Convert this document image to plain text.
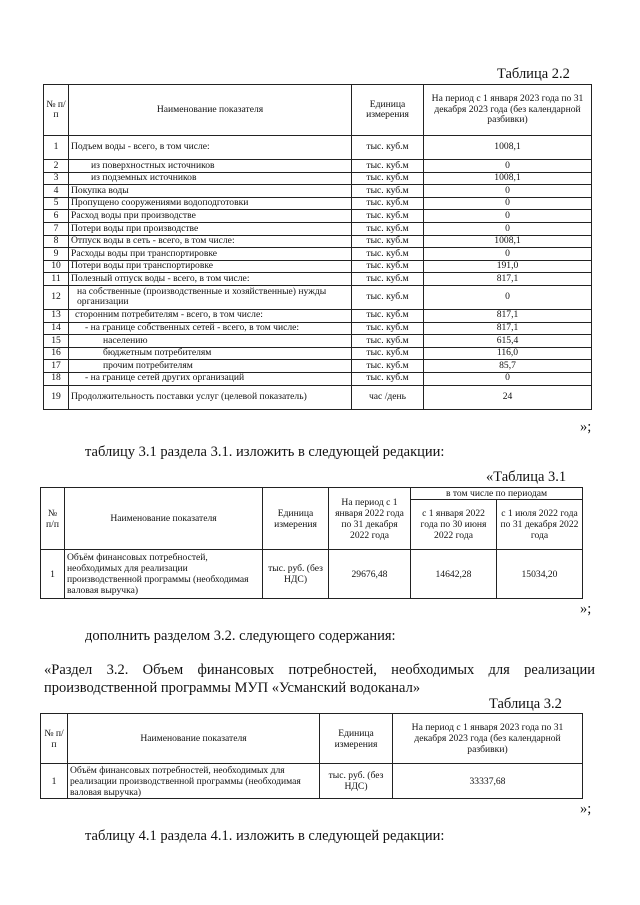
Таблица 2.2
№ п/п	Наименование показателя	Единица измерения	На период с 1 января 2023 года по 31 декабря 2023 года (без календарной разбивки)
1	Подъем воды - всего, в том числе:	тыс. куб.м	1008,1
2	из поверхностных источников	тыс. куб.м	0
3	из подземных источников	тыс. куб.м	1008,1
4	Покупка воды	тыс. куб.м	0
5	Пропущено сооружениями водоподготовки	тыс. куб.м	0
6	Расход воды при производстве	тыс. куб.м	0
7	Потери воды при производстве	тыс. куб.м	0
8	Отпуск воды в сеть - всего, в том числе:	тыс. куб.м	1008,1
9	Расходы воды при транспортировке	тыс. куб.м	0
10	Потери воды при транспортировке	тыс. куб.м	191,0
11	Полезный отпуск воды - всего, в том числе:	тыс. куб.м	817,1
12	на собственные (производственные и хозяйственные) нужды организации	тыс. куб.м	0
13	сторонним потребителям - всего, в том числе:	тыс. куб.м	817,1
14	- на границе собственных сетей - всего, в том числе:	тыс. куб.м	817,1
15	населению	тыс. куб.м	615,4
16	бюджетным потребителям	тыс. куб.м	116,0
17	прочим потребителям	тыс. куб.м	85,7
18	- на границе сетей других организаций	тыс. куб.м	0
19	Продолжительность поставки услуг (целевой показатель)	час /день	24
»;
таблицу 3.1 раздела 3.1. изложить в следующей редакции:
«Таблица 3.1
№ п/п	Наименование показателя	Единица измерения	На период с 1 января 2022 года по 31 декабря 2022 года	в том числе по периодам	
				с 1 января 2022 года по 30 июня 2022 года	с 1 июля 2022 года по 31 декабря 2022 года
1	Объём финансовых потребностей, необходимых для реализации производственной программы (необходимая валовая выручка)	тыс. руб. (без НДС)	29676,48	14642,28	15034,20
»;
дополнить разделом 3.2. следующего содержания:
«Раздел 3.2. Объем финансовых потребностей, необходимых для реализации производственной программы МУП «Усманский водоканал»
Таблица 3.2
№ п/п	Наименование показателя	Единица измерения	На период с 1 января 2023 года по 31 декабря 2023 года (без календарной разбивки)
1	Объём финансовых потребностей, необходимых для реализации производственной программы (необходимая валовая выручка)	тыс. руб. (без НДС)	33337,68
»;
таблицу 4.1 раздела 4.1. изложить в следующей редакции:
